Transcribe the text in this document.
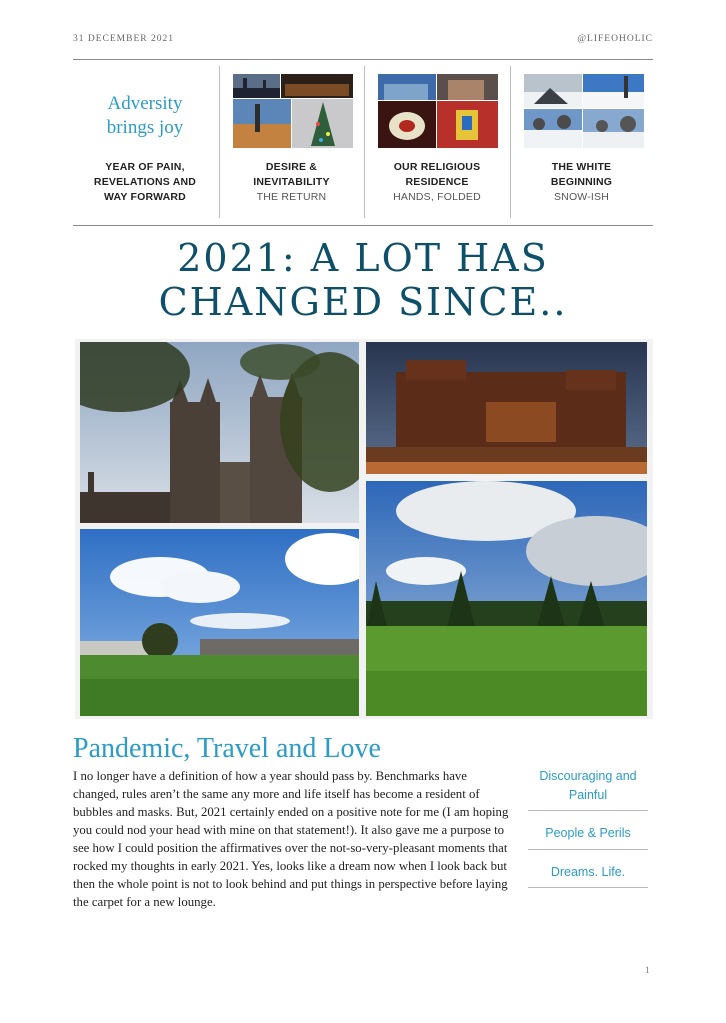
31 DECEMBER 2021	@LIFEOHOLIC
Adversity
brings joy
YEAR OF PAIN,
REVELATIONS AND
WAY FORWARD
DESIRE &
INEVITABILITY
THE RETURN
OUR RELIGIOUS
RESIDENCE
HANDS, FOLDED
THE WHITE
BEGINNING
SNOW-ISH
2021: A LOT HAS
CHANGED SINCE..
Pandemic, Travel and Love
I no longer have a definition of how a year should pass by. Benchmarks have changed, rules aren’t the same any more and life itself has become a resident of bubbles and masks. But, 2021 certainly ended on a positive note for me (I am hoping you could nod your head with mine on that statement!). It also gave me a purpose to see how I could position the affirmatives over the not-so-very-pleasant moments that rocked my thoughts in early 2021. Yes, looks like a dream now when I look back but then the whole point is not to look behind and put things in perspective before laying the carpet for a new lounge.
Discouraging and
Painful
People & Perils
Dreams. Life.
1
